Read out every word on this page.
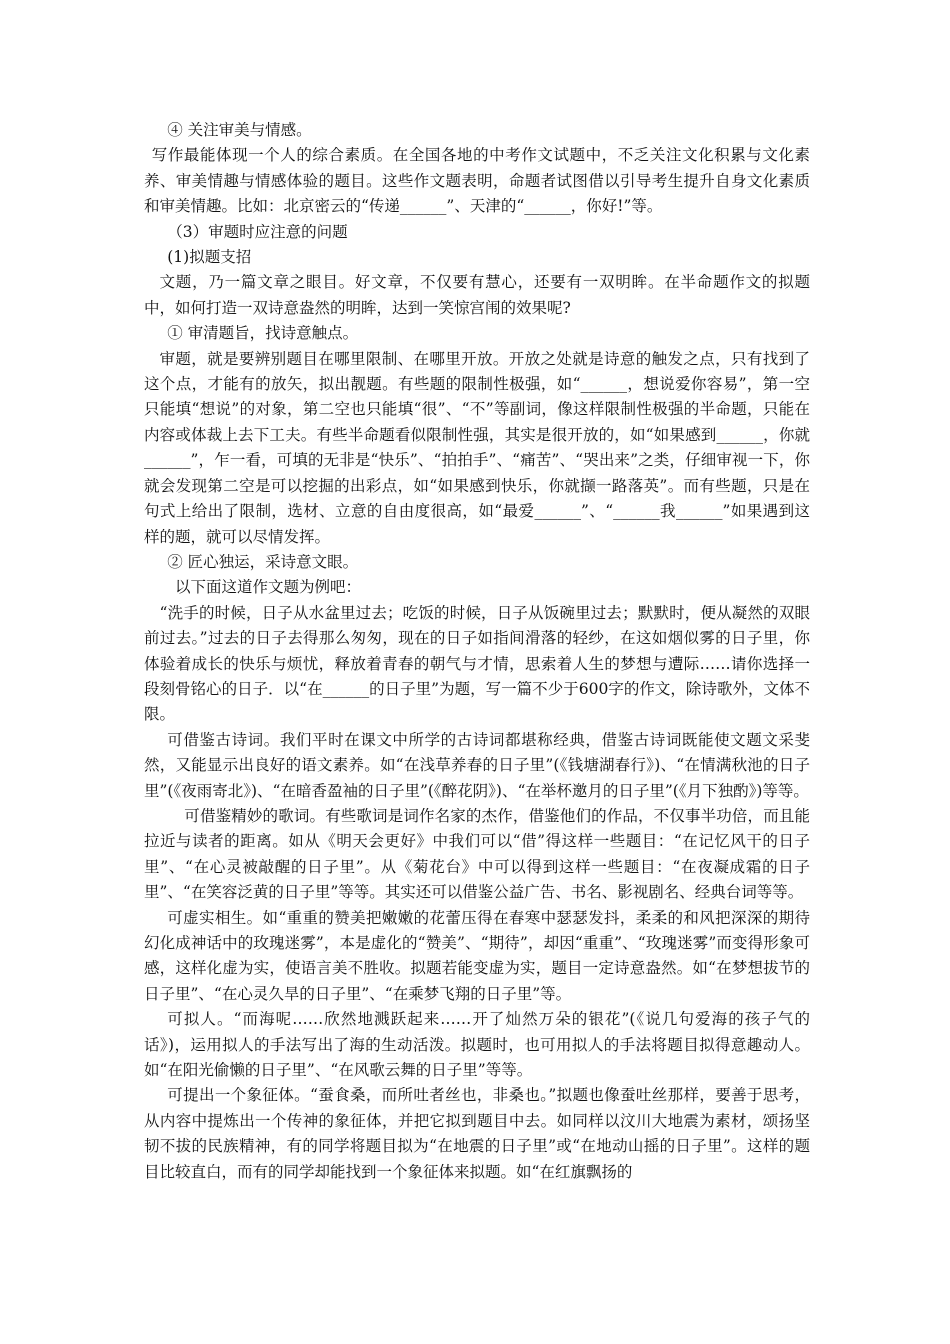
④ 关注审美与情感。

写作最能体现一个人的综合素质。在全国各地的中考作文试题中，不乏关注文化积累与文化素养、审美情趣与情感体验的题目。这些作文题表明，命题者试图借以引导考生提升自身文化素质和审美情趣。比如：北京密云的“传递______”、天津的“______，你好!”等。

（3）审题时应注意的问题

(1)拟题支招

文题，乃一篇文章之眼目。好文章，不仅要有慧心，还要有一双明眸。在半命题作文的拟题中，如何打造一双诗意盎然的明眸，达到一笑惊宫闱的效果呢?

① 审清题旨，找诗意触点。

审题，就是要辨别题目在哪里限制、在哪里开放。开放之处就是诗意的触发之点，只有找到了这个点，才能有的放矢，拟出靓题。有些题的限制性极强，如“______，想说爱你容易”，第一空只能填“想说”的对象，第二空也只能填“很”、“不”等副词，像这样限制性极强的半命题，只能在内容或体裁上去下工夫。有些半命题看似限制性强，其实是很开放的，如“如果感到______，你就______”，乍一看，可填的无非是“快乐”、“拍拍手”、“痛苦”、“哭出来”之类，仔细审视一下，你就会发现第二空是可以挖掘的出彩点，如“如果感到快乐，你就撷一路落英”。而有些题，只是在句式上给出了限制，选材、立意的自由度很高，如“最爱______”、“______我______”如果遇到这样的题，就可以尽情发挥。

② 匠心独运，采诗意文眼。

以下面这道作文题为例吧：

“洗手的时候，日子从水盆里过去；吃饭的时候，日子从饭碗里过去；默默时，便从凝然的双眼前过去。”过去的日子去得那么匆匆，现在的日子如指间滑落的轻纱，在这如烟似雾的日子里，你体验着成长的快乐与烦忧，释放着青春的朝气与才情，思索着人生的梦想与遭际……请你选择一段刻骨铭心的日子．以“在______的日子里”为题，写一篇不少于600字的作文，除诗歌外，文体不限。

可借鉴古诗词。我们平时在课文中所学的古诗词都堪称经典，借鉴古诗词既能使文题文采斐然，又能显示出良好的语文素养。如“在浅草养春的日子里”(《钱塘湖春行》)、“在情满秋池的日子里”(《夜雨寄北》)、“在暗香盈袖的日子里”(《醉花阴》)、“在举杯邀月的日子里”(《月下独酌》)等等。

可借鉴精妙的歌词。有些歌词是词作名家的杰作，借鉴他们的作品，不仅事半功倍，而且能拉近与读者的距离。如从《明天会更好》中我们可以“借”得这样一些题目：“在记忆风干的日子里”、“在心灵被敲醒的日子里”。从《菊花台》中可以得到这样一些题目：“在夜凝成霜的日子里”、“在笑容泛黄的日子里”等等。其实还可以借鉴公益广告、书名、影视剧名、经典台词等等。

可虚实相生。如“重重的赞美把嫩嫩的花蕾压得在春寒中瑟瑟发抖，柔柔的和风把深深的期待幻化成神话中的玫瑰迷雾”，本是虚化的“赞美”、“期待”，却因“重重”、“玫瑰迷雾”而变得形象可感，这样化虚为实，使语言美不胜收。拟题若能变虚为实，题目一定诗意盎然。如“在梦想拔节的日子里”、“在心灵久旱的日子里”、“在乘梦飞翔的日子里”等。

可拟人。“而海呢……欣然地溅跃起来……开了灿然万朵的银花”(《说几句爱海的孩子气的话》)，运用拟人的手法写出了海的生动活泼。拟题时，也可用拟人的手法将题目拟得意趣动人。如“在阳光偷懒的日子里”、“在风歌云舞的日子里”等等。

可提出一个象征体。“蚕食桑，而所吐者丝也，非桑也。”拟题也像蚕吐丝那样，要善于思考，从内容中提炼出一个传神的象征体，并把它拟到题目中去。如同样以汶川大地震为素材，颂扬坚韧不拔的民族精神，有的同学将题目拟为“在地震的日子里”或“在地动山摇的日子里”。这样的题目比较直白，而有的同学却能找到一个象征体来拟题。如“在红旗飘扬的
